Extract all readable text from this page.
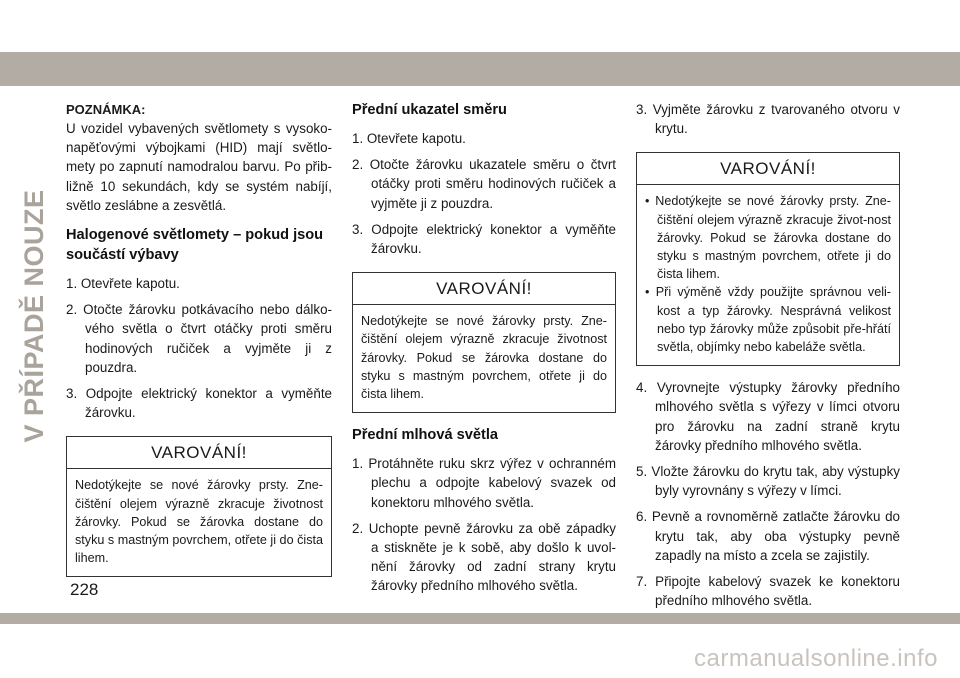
V PŘÍPADĚ NOUZE

POZNÁMKA:

U vozidel vybavených světlomety s vysoko-napěťovými výbojkami (HID) mají světlo-mety po zapnutí namodralou barvu. Po přib-ližně 10 sekundách, kdy se systém nabíjí, světlo zeslábne a zesvětlá.

Halogenové světlomety – pokud jsou součástí výbavy
1. Otevřete kapotu.
2. Otočte žárovku potkávacího nebo dálko-vého světla o čtvrt otáčky proti směru hodinových ručiček a vyjměte ji z pouzdra.
3. Odpojte elektrický konektor a vyměňte žárovku.
VAROVÁNÍ!
Nedotýkejte se nové žárovky prsty. Zne-čištění olejem výrazně zkracuje životnost žárovky. Pokud se žárovka dostane do styku s mastným povrchem, otřete ji do čista lihem.
Přední ukazatel směru
1. Otevřete kapotu.
2. Otočte žárovku ukazatele směru o čtvrt otáčky proti směru hodinových ručiček a vyjměte ji z pouzdra.
3. Odpojte elektrický konektor a vyměňte žárovku.
VAROVÁNÍ!
Nedotýkejte se nové žárovky prsty. Zne-čištění olejem výrazně zkracuje životnost žárovky. Pokud se žárovka dostane do styku s mastným povrchem, otřete ji do čista lihem.
Přední mlhová světla
1. Protáhněte ruku skrz výřez v ochranném plechu a odpojte kabelový svazek od konektoru mlhového světla.
2. Uchopte pevně žárovku za obě západky a stiskněte je k sobě, aby došlo k uvol-nění žárovky od zadní strany krytu žárovky předního mlhového světla.
3. Vyjměte žárovku z tvarovaného otvoru v krytu.
VAROVÁNÍ!
• Nedotýkejte se nové žárovky prsty. Zne-čištění olejem výrazně zkracuje život-nost žárovky. Pokud se žárovka dostane do styku s mastným povrchem, otřete ji do čista lihem.
• Při výměně vždy použijte správnou veli-kost a typ žárovky. Nesprávná velikost nebo typ žárovky může způsobit pře-hřátí světla, objímky nebo kabeláže světla.
4. Vyrovnejte výstupky žárovky předního mlhového světla s výřezy v límci otvoru pro žárovku na zadní straně krytu žárovky předního mlhového světla.
5. Vložte žárovku do krytu tak, aby výstupky byly vyrovnány s výřezy v límci.
6. Pevně a rovnoměrně zatlačte žárovku do krytu tak, aby oba výstupky pevně zapadly na místo a zcela se zajistily.
7. Připojte kabelový svazek ke konektoru předního mlhového světla.
228
carmanualsonline.info
